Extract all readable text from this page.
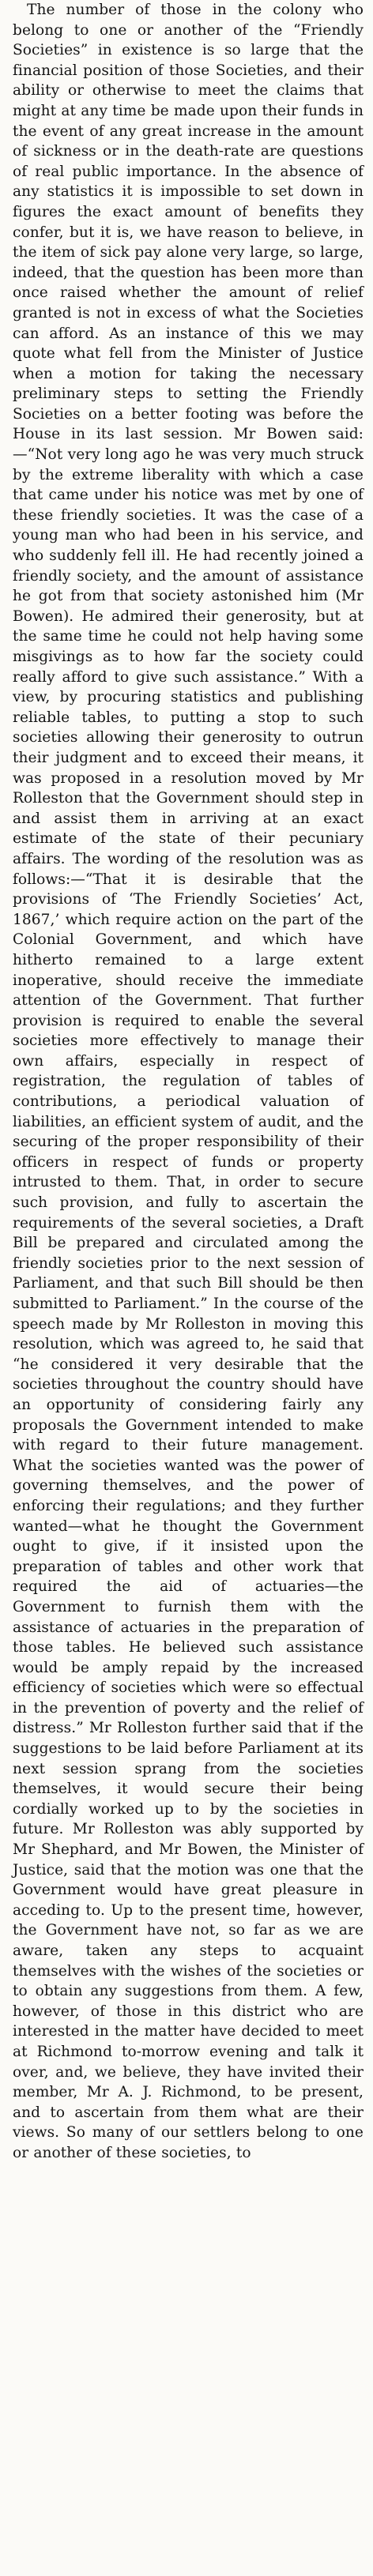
The number of those in the colony who belong to one or another of the “Friendly Societies” in existence is so large that the financial position of those Societies, and their ability or otherwise to meet the claims that might at any time be made upon their funds in the event of any great increase in the amount of sickness or in the death-rate are questions of real public importance. In the absence of any statistics it is impossible to set down in figures the exact amount of benefits they confer, but it is, we have reason to believe, in the item of sick pay alone very large, so large, indeed, that the question has been more than once raised whether the amount of relief granted is not in excess of what the Societies can afford. As an instance of this we may quote what fell from the Minister of Justice when a motion for taking the necessary preliminary steps to setting the Friendly Societies on a better footing was before the House in its last session. Mr Bowen said:—“Not very long ago he was very much struck by the extreme liberality with which a case that came under his notice was met by one of these friendly societies. It was the case of a young man who had been in his service, and who suddenly fell ill. He had recently joined a friendly society, and the amount of assistance he got from that society astonished him (Mr Bowen). He admired their generosity, but at the same time he could not help having some misgivings as to how far the society could really afford to give such assistance.” With a view, by procuring statistics and publishing reliable tables, to putting a stop to such societies allowing their generosity to outrun their judgment and to exceed their means, it was proposed in a resolution moved by Mr Rolleston that the Government should step in and assist them in arriving at an exact estimate of the state of their pecuniary affairs. The wording of the resolution was as follows:—“That it is desirable that the provisions of ‘The Friendly Societies’ Act, 1867,’ which require action on the part of the Colonial Government, and which have hitherto remained to a large extent inoperative, should receive the immediate attention of the Government. That further provision is required to enable the several societies more effectively to manage their own affairs, especially in respect of registration, the regulation of tables of contributions, a periodical valuation of liabilities, an efficient system of audit, and the securing of the proper responsibility of their officers in respect of funds or property intrusted to them. That, in order to secure such provision, and fully to ascertain the requirements of the several societies, a Draft Bill be prepared and circulated among the friendly societies prior to the next session of Parliament, and that such Bill should be then submitted to Parliament.” In the course of the speech made by Mr Rolleston in moving this resolution, which was agreed to, he said that “he considered it very desirable that the societies throughout the country should have an opportunity of considering fairly any proposals the Government intended to make with regard to their future management. What the societies wanted was the power of governing themselves, and the power of enforcing their regulations; and they further wanted—what he thought the Government ought to give, if it insisted upon the preparation of tables and other work that required the aid of actuaries—the Government to furnish them with the assistance of actuaries in the preparation of those tables. He believed such assistance would be amply repaid by the increased efficiency of societies which were so effectual in the prevention of poverty and the relief of distress.” Mr Rolleston further said that if the suggestions to be laid before Parliament at its next session sprang from the societies themselves, it would secure their being cordially worked up to by the societies in future. Mr Rolleston was ably supported by Mr Shephard, and Mr Bowen, the Minister of Justice, said that the motion was one that the Government would have great pleasure in acceding to. Up to the present time, however, the Government have not, so far as we are aware, taken any steps to acquaint themselves with the wishes of the societies or to obtain any suggestions from them. A few, however, of those in this district who are interested in the matter have decided to meet at Richmond to-morrow evening and talk it over, and, we believe, they have invited their member, Mr A. J. Richmond, to be present, and to ascertain from them what are their views. So many of our settlers belong to one or another of these societies, to
